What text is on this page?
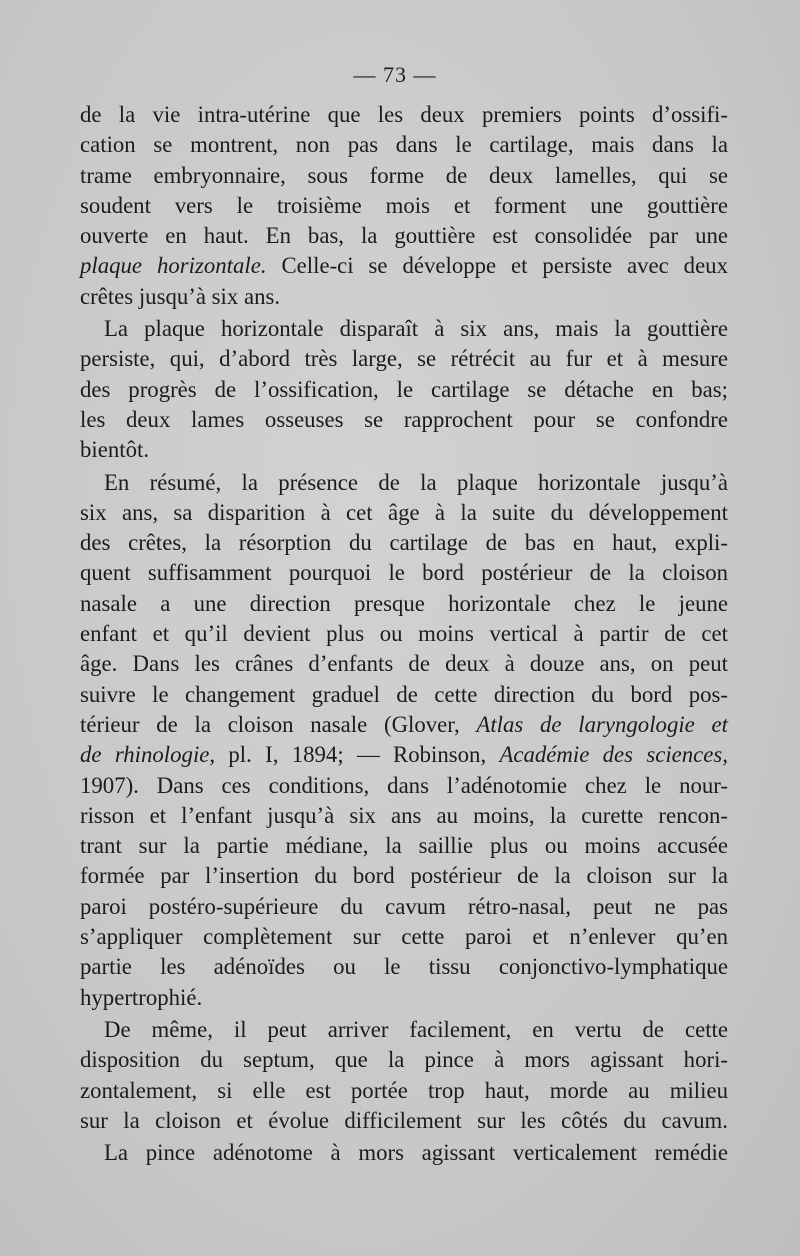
— 73 —
de la vie intra-utérine que les deux premiers points d’ossifi-
cation se montrent, non pas dans le cartilage, mais dans la
trame embryonnaire, sous forme de deux lamelles, qui se
soudent vers le troisième mois et forment une gouttière
ouverte en haut. En bas, la gouttière est consolidée par une
plaque horizontale. Celle-ci se développe et persiste avec deux
crêtes jusqu’à six ans.
La plaque horizontale disparaît à six ans, mais la gouttière
persiste, qui, d’abord très large, se rétrécit au fur et à mesure
des progrès de l’ossification, le cartilage se détache en bas;
les deux lames osseuses se rapprochent pour se confondre
bientôt.
En résumé, la présence de la plaque horizontale jusqu’à
six ans, sa disparition à cet âge à la suite du développement
des crêtes, la résorption du cartilage de bas en haut, expli-
quent suffisamment pourquoi le bord postérieur de la cloison
nasale a une direction presque horizontale chez le jeune
enfant et qu’il devient plus ou moins vertical à partir de cet
âge. Dans les crânes d’enfants de deux à douze ans, on peut
suivre le changement graduel de cette direction du bord pos-
térieur de la cloison nasale (Glover, Atlas de laryngologie et
de rhinologie, pl. I, 1894; — Robinson, Académie des sciences,
1907). Dans ces conditions, dans l’adénotomie chez le nour-
risson et l’enfant jusqu’à six ans au moins, la curette rencon-
trant sur la partie médiane, la saillie plus ou moins accusée
formée par l’insertion du bord postérieur de la cloison sur la
paroi postéro-supérieure du cavum rétro-nasal, peut ne pas
s’appliquer complètement sur cette paroi et n’enlever qu’en
partie les adénoïdes ou le tissu conjonctivo-lymphatique
hypertrophié.
De même, il peut arriver facilement, en vertu de cette
disposition du septum, que la pince à mors agissant hori-
zontalement, si elle est portée trop haut, morde au milieu
sur la cloison et évolue difficilement sur les côtés du cavum.
La pince adénotome à mors agissant verticalement remédie
